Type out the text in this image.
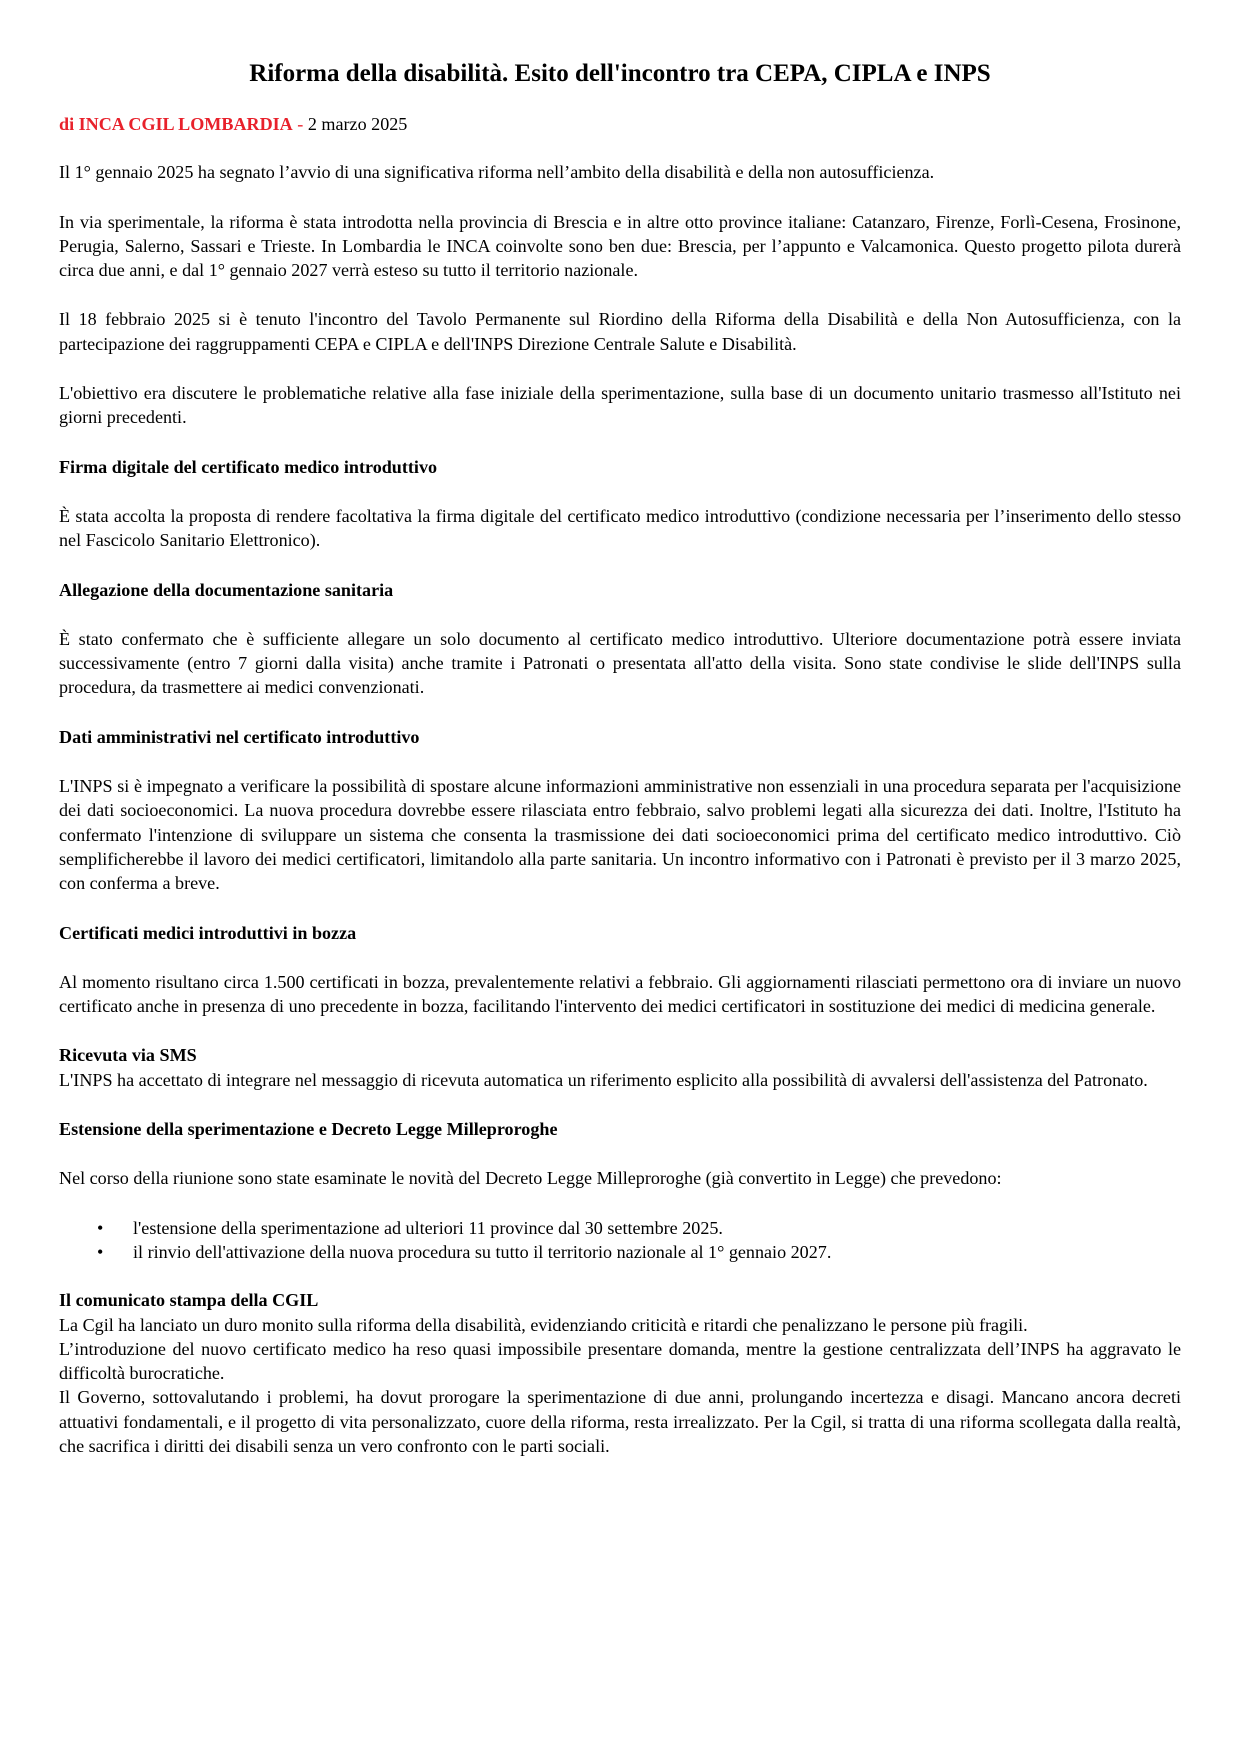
Riforma della disabilità. Esito dell'incontro tra CEPA, CIPLA e INPS
di INCA CGIL LOMBARDIA - 2 marzo 2025

Il 1° gennaio 2025 ha segnato l’avvio di una significativa riforma nell’ambito della disabilità e della non autosufficienza.

In via sperimentale, la riforma è stata introdotta nella provincia di Brescia e in altre otto province italiane: Catanzaro, Firenze, Forlì-Cesena, Frosinone, Perugia, Salerno, Sassari e Trieste. In Lombardia le INCA coinvolte sono ben due: Brescia, per l’appunto e Valcamonica. Questo progetto pilota durerà circa due anni, e dal 1° gennaio 2027 verrà esteso su tutto il territorio nazionale.

Il 18 febbraio 2025 si è tenuto l'incontro del Tavolo Permanente sul Riordino della Riforma della Disabilità e della Non Autosufficienza, con la partecipazione dei raggruppamenti CEPA e CIPLA e dell'INPS Direzione Centrale Salute e Disabilità.

L'obiettivo era discutere le problematiche relative alla fase iniziale della sperimentazione, sulla base di un documento unitario trasmesso all'Istituto nei giorni precedenti.

Firma digitale del certificato medico introduttivo

È stata accolta la proposta di rendere facoltativa la firma digitale del certificato medico introduttivo (condizione necessaria per l’inserimento dello stesso nel Fascicolo Sanitario Elettronico).

Allegazione della documentazione sanitaria

È stato confermato che è sufficiente allegare un solo documento al certificato medico introduttivo. Ulteriore documentazione potrà essere inviata successivamente (entro 7 giorni dalla visita) anche tramite i Patronati o presentata all'atto della visita. Sono state condivise le slide dell'INPS sulla procedura, da trasmettere ai medici convenzionati.

Dati amministrativi nel certificato introduttivo

L'INPS si è impegnato a verificare la possibilità di spostare alcune informazioni amministrative non essenziali in una procedura separata per l'acquisizione dei dati socioeconomici. La nuova procedura dovrebbe essere rilasciata entro febbraio, salvo problemi legati alla sicurezza dei dati. Inoltre, l'Istituto ha confermato l'intenzione di sviluppare un sistema che consenta la trasmissione dei dati socioeconomici prima del certificato medico introduttivo. Ciò semplificherebbe il lavoro dei medici certificatori, limitandolo alla parte sanitaria. Un incontro informativo con i Patronati è previsto per il 3 marzo 2025, con conferma a breve.

Certificati medici introduttivi in bozza

Al momento risultano circa 1.500 certificati in bozza, prevalentemente relativi a febbraio. Gli aggiornamenti rilasciati permettono ora di inviare un nuovo certificato anche in presenza di uno precedente in bozza, facilitando l'intervento dei medici certificatori in sostituzione dei medici di medicina generale.

Ricevuta via SMS

L'INPS ha accettato di integrare nel messaggio di ricevuta automatica un riferimento esplicito alla possibilità di avvalersi dell'assistenza del Patronato.

Estensione della sperimentazione e Decreto Legge Milleproroghe

Nel corso della riunione sono state esaminate le novità del Decreto Legge Milleproroghe (già convertito in Legge) che prevedono:

• l'estensione della sperimentazione ad ulteriori 11 province dal 30 settembre 2025.
• il rinvio dell'attivazione della nuova procedura su tutto il territorio nazionale al 1° gennaio 2027.
Il comunicato stampa della CGIL

La Cgil ha lanciato un duro monito sulla riforma della disabilità, evidenziando criticità e ritardi che penalizzano le persone più fragili.

L’introduzione del nuovo certificato medico ha reso quasi impossibile presentare domanda, mentre la gestione centralizzata dell’INPS ha aggravato le difficoltà burocratiche.

Il Governo, sottovalutando i problemi, ha dovut prorogare la sperimentazione di due anni, prolungando incertezza e disagi. Mancano ancora decreti attuativi fondamentali, e il progetto di vita personalizzato, cuore della riforma, resta irrealizzato. Per la Cgil, si tratta di una riforma scollegata dalla realtà, che sacrifica i diritti dei disabili senza un vero confronto con le parti sociali.
